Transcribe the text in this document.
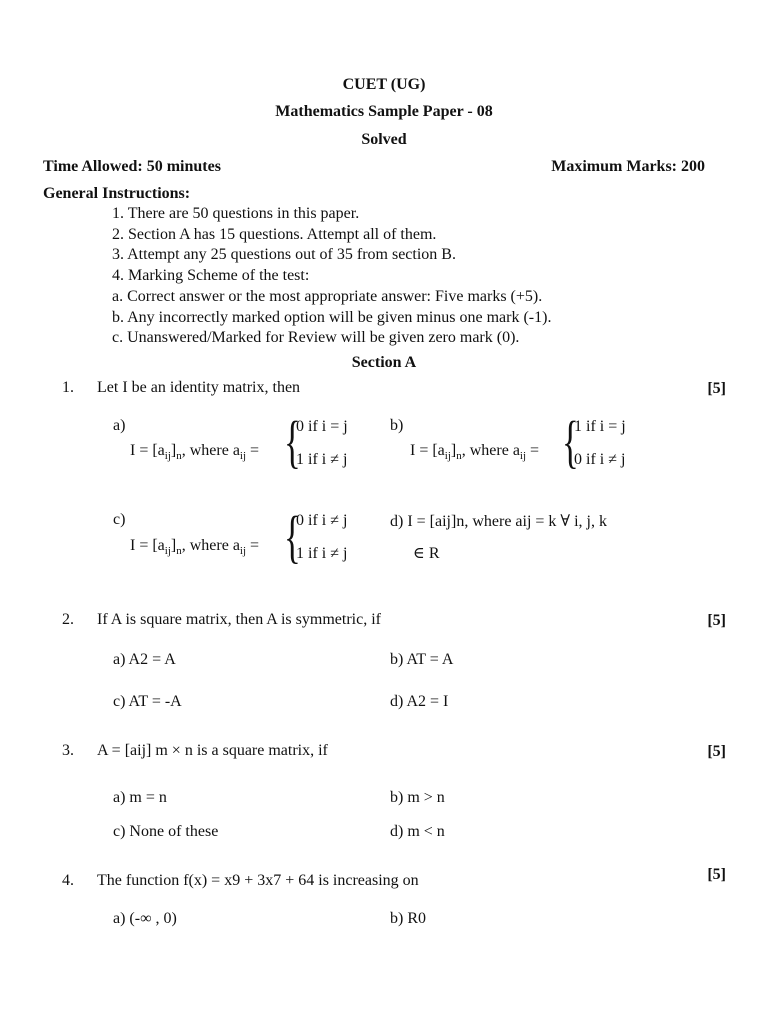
CUET (UG)
Mathematics Sample Paper - 08
Solved
Time Allowed: 50 minutes	Maximum Marks: 200
General Instructions:
1. There are 50 questions in this paper.
2. Section A has 15 questions. Attempt all of them.
3. Attempt any 25 questions out of 35 from section B.
4. Marking Scheme of the test:
a. Correct answer or the most appropriate answer: Five marks (+5).
b. Any incorrectly marked option will be given minus one mark (-1).
c. Unanswered/Marked for Review will be given zero mark (0).
Section A
1. Let I be an identity matrix, then	[5]
a)
$I = [a_{ij}]_n$, where $a_{ij}$ = {
0 if i = j
1 if i ≠ j
b)
$I = [a_{ij}]_n$, where $a_{ij}$ = {
1 if i = j
0 if i ≠ j
c)
$I = [a_{ij}]_n$, where $a_{ij}$ = {
0 if i ≠ j
1 if i ≠ j
d) I = [aij]n, where aij = k ∀ i, j, k
∈ R
2. If A is square matrix, then A is symmetric, if	[5]
a) A2 = A	b) AT = A
c) AT = -A	d) A2 = I
3. A = [aij] m × n is a square matrix, if	[5]
a) m = n	b) m > n
c) None of these	d) m < n
4. The function f(x) = x9 + 3x7 + 64 is increasing on	[5]
a) (-∞ , 0)	b) R0
